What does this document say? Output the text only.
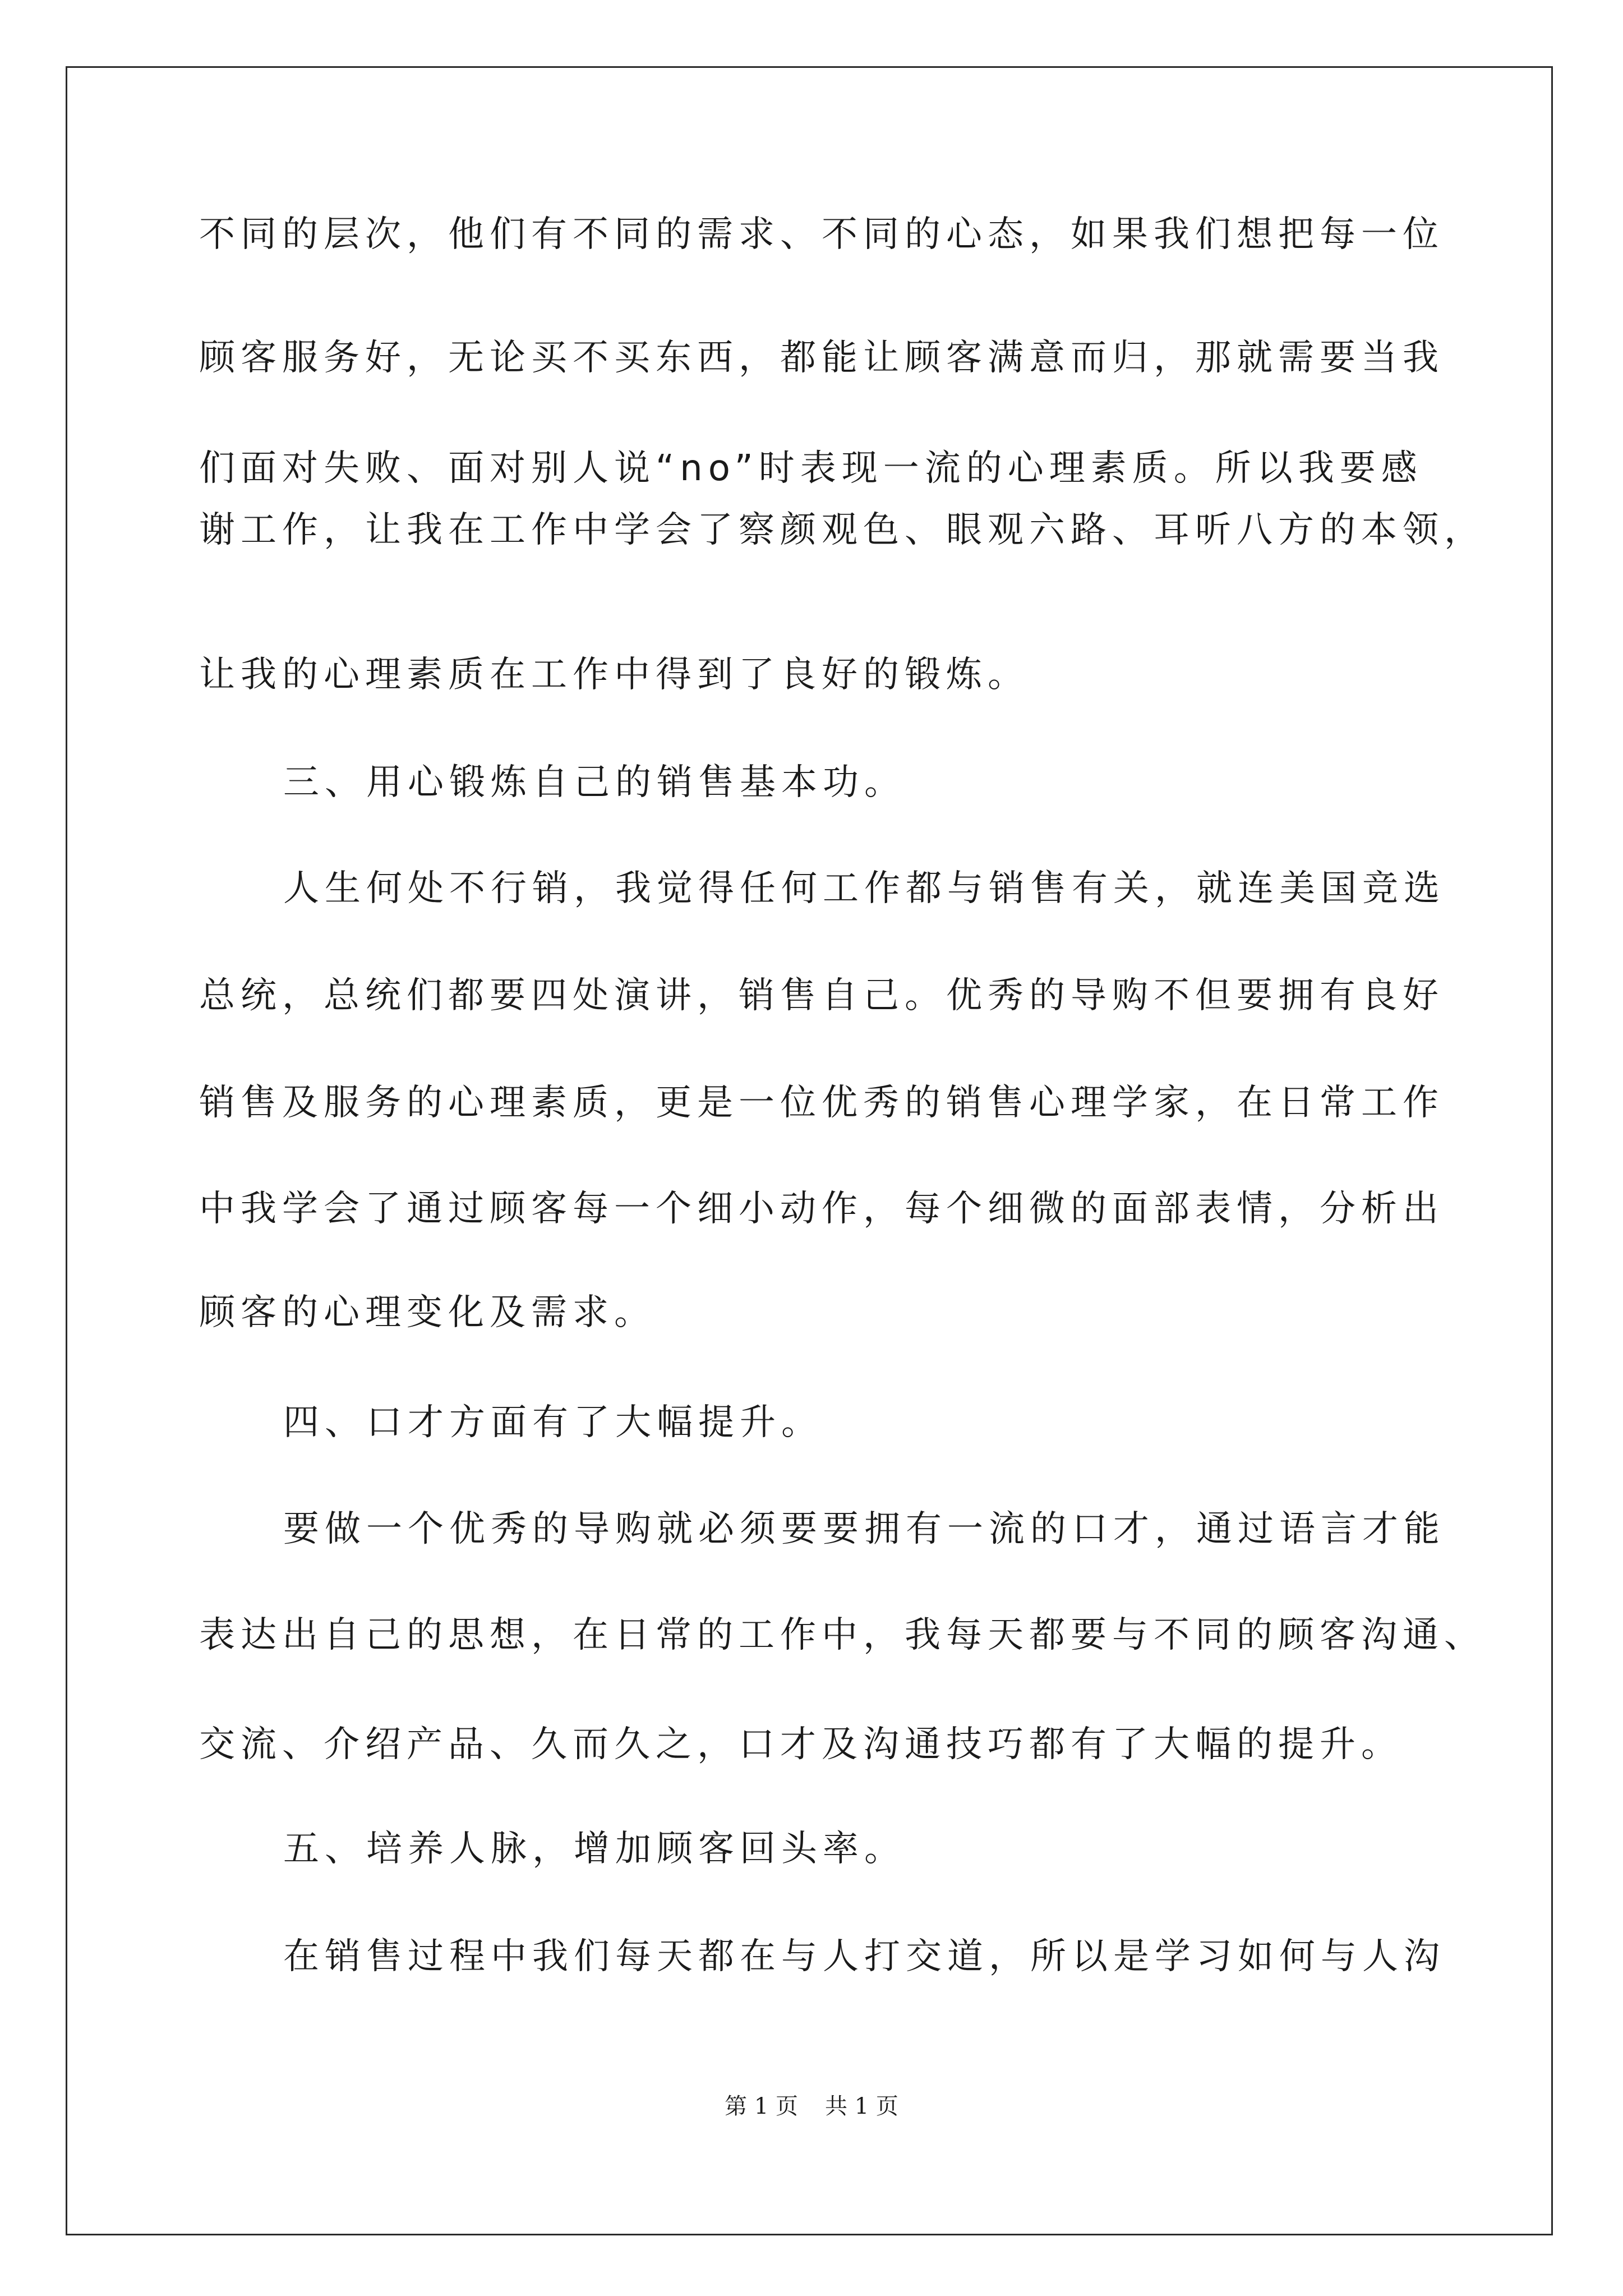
不同的层次，他们有不同的需求、不同的心态，如果我们想把每一位
顾客服务好，无论买不买东西，都能让顾客满意而归，那就需要当我
们面对失败、面对别人说“no”时表现一流的心理素质。所以我要感
谢工作，让我在工作中学会了察颜观色、眼观六路、耳听八方的本领，
让我的心理素质在工作中得到了良好的锻炼。
三、用心锻炼自己的销售基本功。
人生何处不行销，我觉得任何工作都与销售有关，就连美国竞选
总统，总统们都要四处演讲，销售自己。优秀的导购不但要拥有良好
销售及服务的心理素质，更是一位优秀的销售心理学家，在日常工作
中我学会了通过顾客每一个细小动作，每个细微的面部表情，分析出
顾客的心理变化及需求。
四、口才方面有了大幅提升。
要做一个优秀的导购就必须要要拥有一流的口才，通过语言才能
表达出自己的思想，在日常的工作中，我每天都要与不同的顾客沟通、
交流、介绍产品、久而久之，口才及沟通技巧都有了大幅的提升。
五、培养人脉，增加顾客回头率。
在销售过程中我们每天都在与人打交道，所以是学习如何与人沟
第 1 页 共 1 页
